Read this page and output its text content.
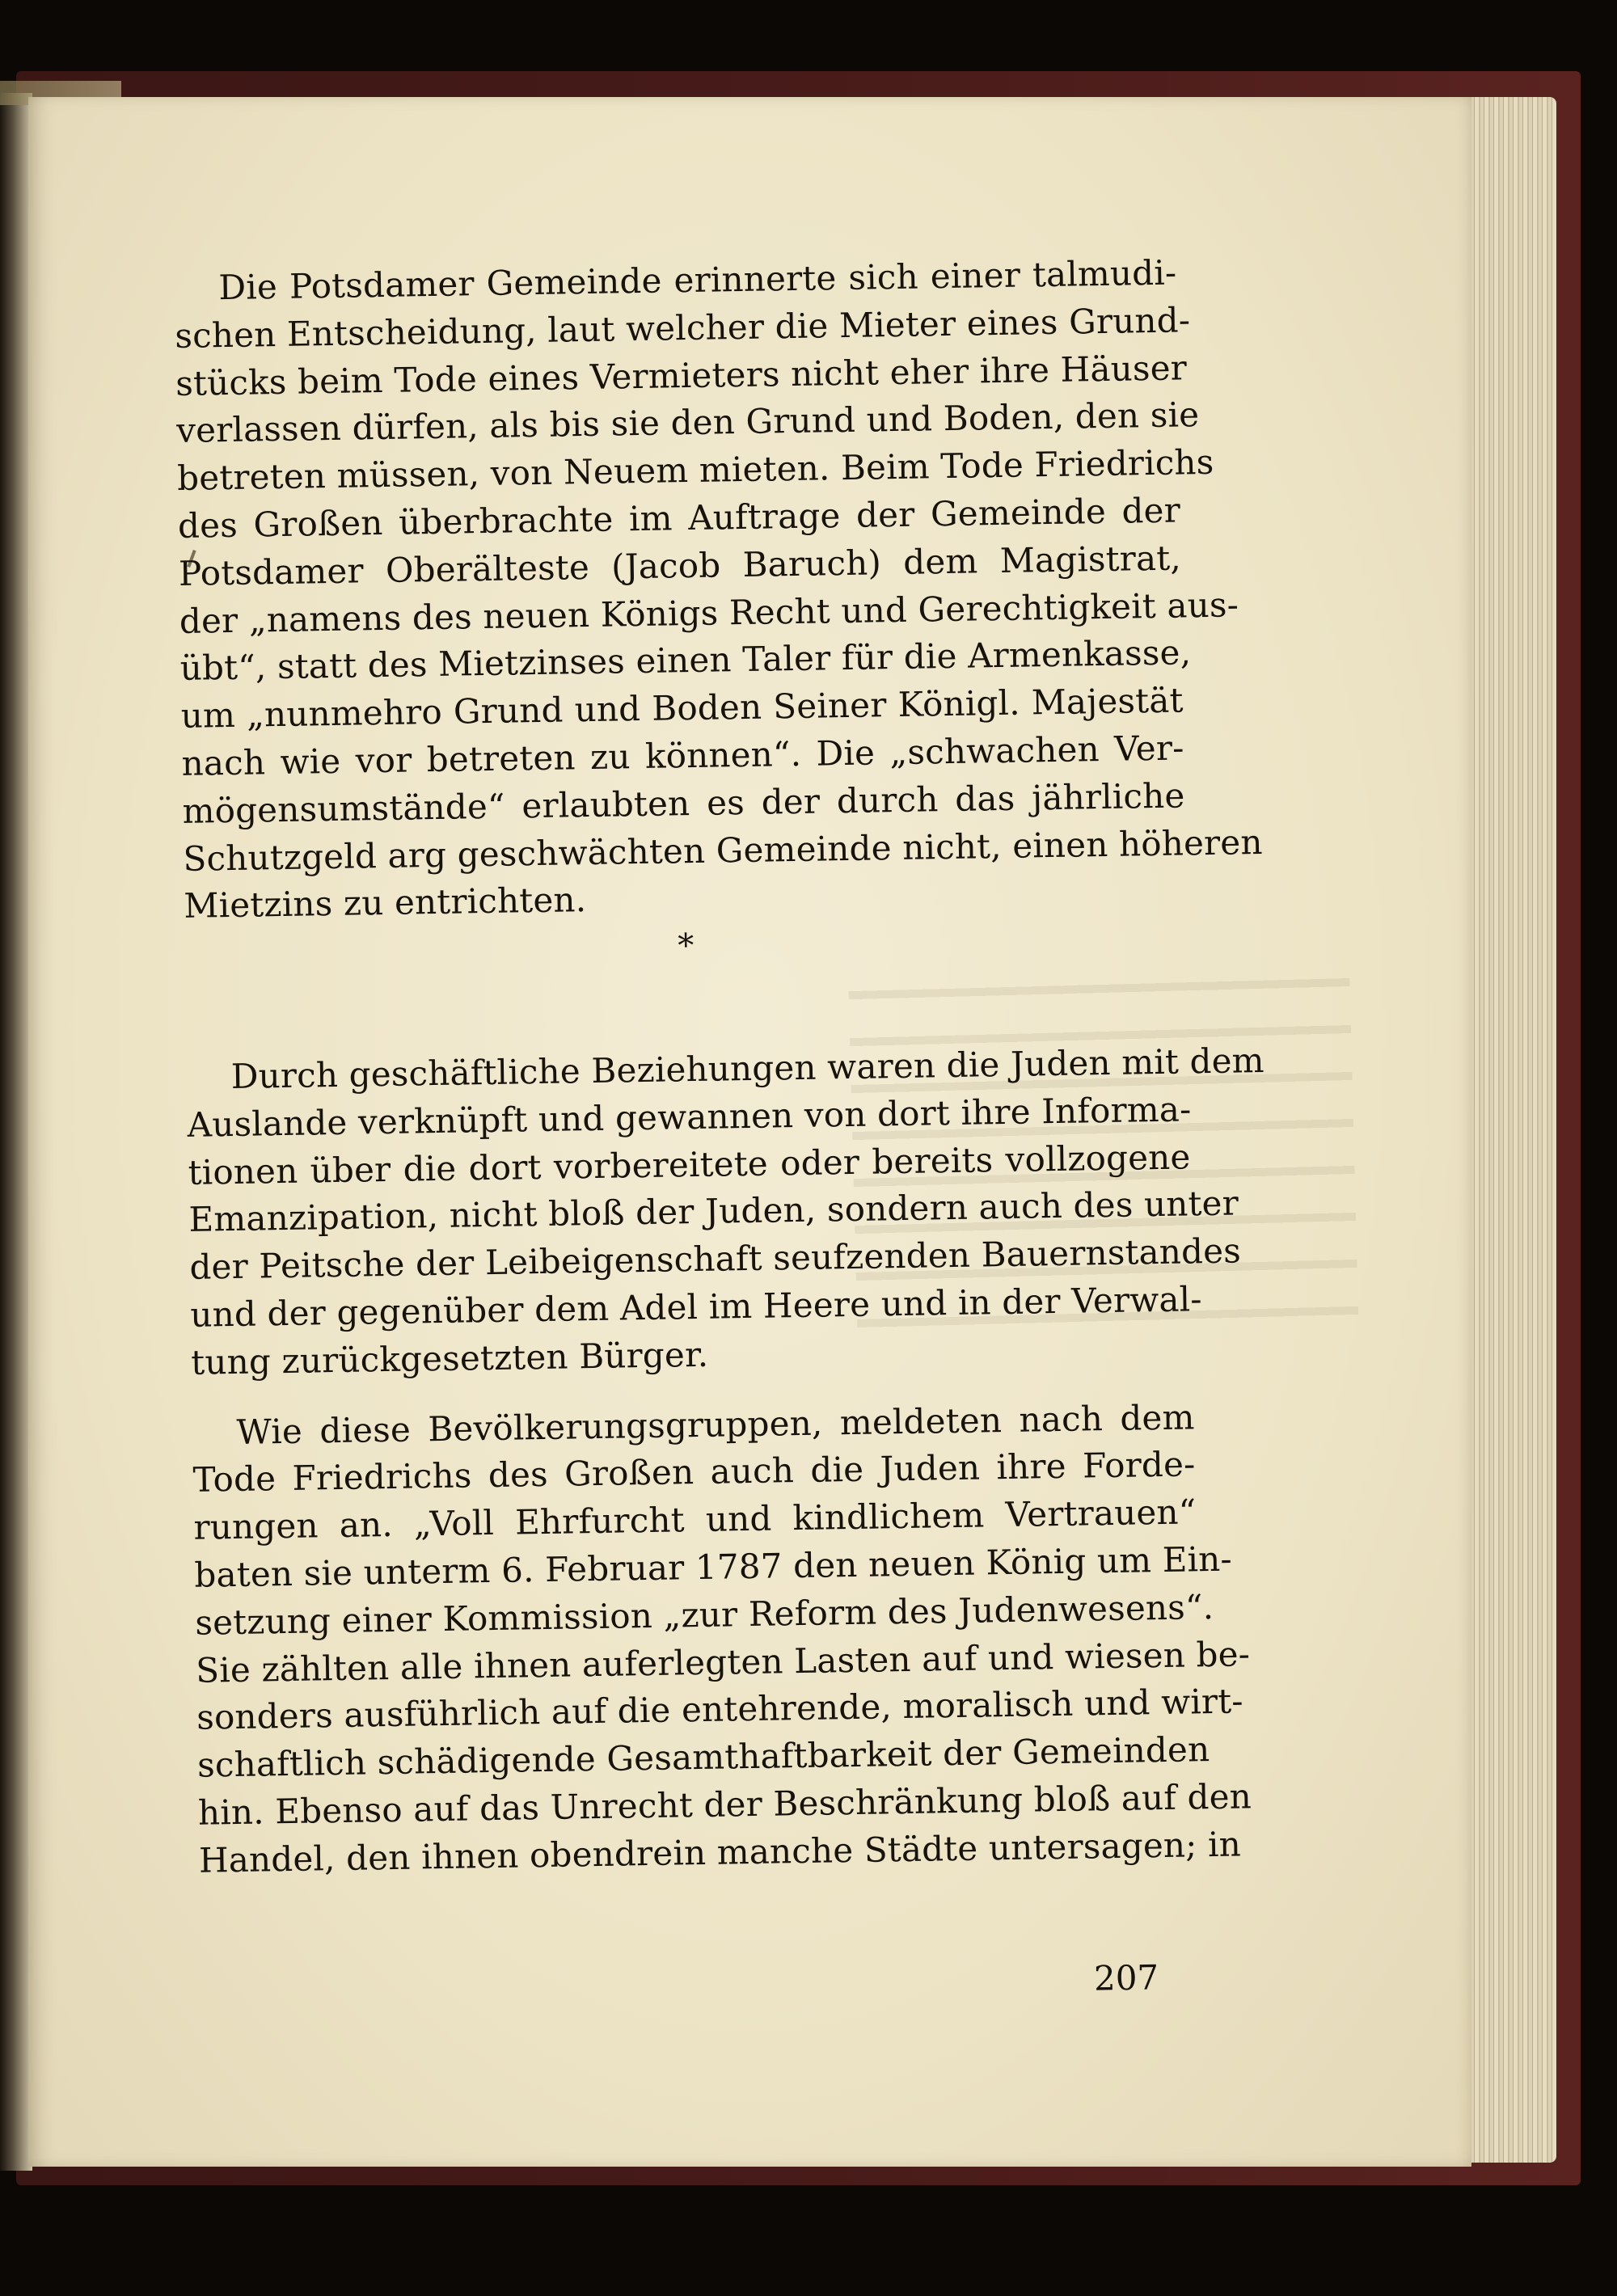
Die Potsdamer Gemeinde erinnerte sich einer talmudi-
schen Entscheidung, laut welcher die Mieter eines Grund-
stücks beim Tode eines Vermieters nicht eher ihre Häuser
verlassen dürfen, als bis sie den Grund und Boden, den sie
betreten müssen, von Neuem mieten. Beim Tode Friedrichs
des Großen überbrachte im Auftrage der Gemeinde der
Potsdamer Oberälteste (Jacob Baruch) dem Magistrat,
der „namens des neuen Königs Recht und Gerechtigkeit aus-
übt“, statt des Mietzinses einen Taler für die Armenkasse,
um „nunmehro Grund und Boden Seiner Königl. Majestät
nach wie vor betreten zu können“. Die „schwachen Ver-
mögensumstände“ erlaubten es der durch das jährliche
Schutzgeld arg geschwächten Gemeinde nicht, einen höheren
Mietzins zu entrichten.
*
Durch geschäftliche Beziehungen waren die Juden mit dem
Auslande verknüpft und gewannen von dort ihre Informa-
tionen über die dort vorbereitete oder bereits vollzogene
Emanzipation, nicht bloß der Juden, sondern auch des unter
der Peitsche der Leibeigenschaft seufzenden Bauernstandes
und der gegenüber dem Adel im Heere und in der Verwal-
tung zurückgesetzten Bürger.
Wie diese Bevölkerungsgruppen, meldeten nach dem
Tode Friedrichs des Großen auch die Juden ihre Forde-
rungen an. „Voll Ehrfurcht und kindlichem Vertrauen“
baten sie unterm 6. Februar 1787 den neuen König um Ein-
setzung einer Kommission „zur Reform des Judenwesens“.
Sie zählten alle ihnen auferlegten Lasten auf und wiesen be-
sonders ausführlich auf die entehrende, moralisch und wirt-
schaftlich schädigende Gesamthaftbarkeit der Gemeinden
hin. Ebenso auf das Unrecht der Beschränkung bloß auf den
Handel, den ihnen obendrein manche Städte untersagen; in
207
